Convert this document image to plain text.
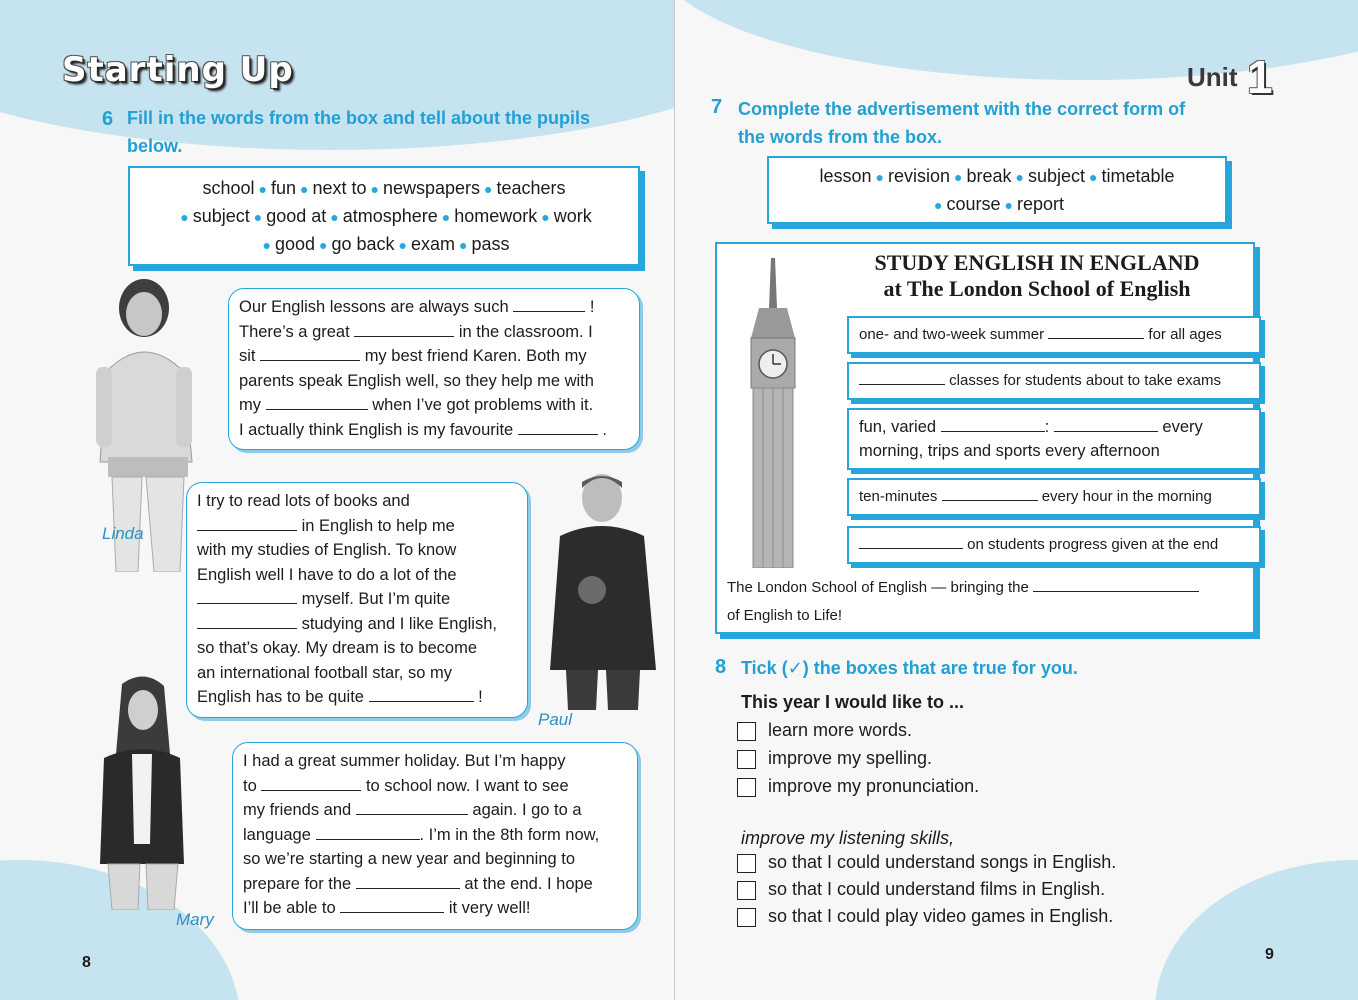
Starting Up
6 Fill in the words from the box and tell about the pupils
below.
school ● fun ● next to ● newspapers ● teachers
● subject ● good at ● atmosphere ● homework ● work
● good ● go back ● exam ● pass
Linda
Our English lessons are always such	!
There’s a great	in the classroom. I
sit	my best friend Karen. Both my
parents speak English well, so they help me with
my	when I’ve got problems with it.
I actually think English is my favourite	.
I try to read lots of books and
in English to help me
with my studies of English. To know
English well I have to do a lot of the
myself. But I’m quite
studying and I like English,
so that’s okay. My dream is to become
an international football star, so my
English has to be quite	!
Paul
Mary
I had a great summer holiday. But I’m happy
to	to school now. I want to see
my friends and	again. I go to a
language	. I’m in the 8th form now,
so we’re starting a new year and beginning to
prepare for the	at the end. I hope
I’ll be able to	it very well!
8
Unit 1
7 Complete the advertisement with the correct form of
the words from the box.
lesson ● revision ● break ● subject ● timetable
● course ● report
STUDY ENGLISH IN ENGLAND
at The London School of English
one- and two-week summer	for all ages
classes for students about to take exams
fun, varied	:	every
morning, trips and sports every afternoon
ten-minutes	every hour in the morning
on students progress given at the end
The London School of English — bringing the
of English to Life!
8 Tick (✓) the boxes that are true for you.
This year I would like to ...
learn more words.
improve my spelling.
improve my pronunciation.
improve my listening skills,
so that I could understand songs in English.
so that I could understand films in English.
so that I could play video games in English.
9
